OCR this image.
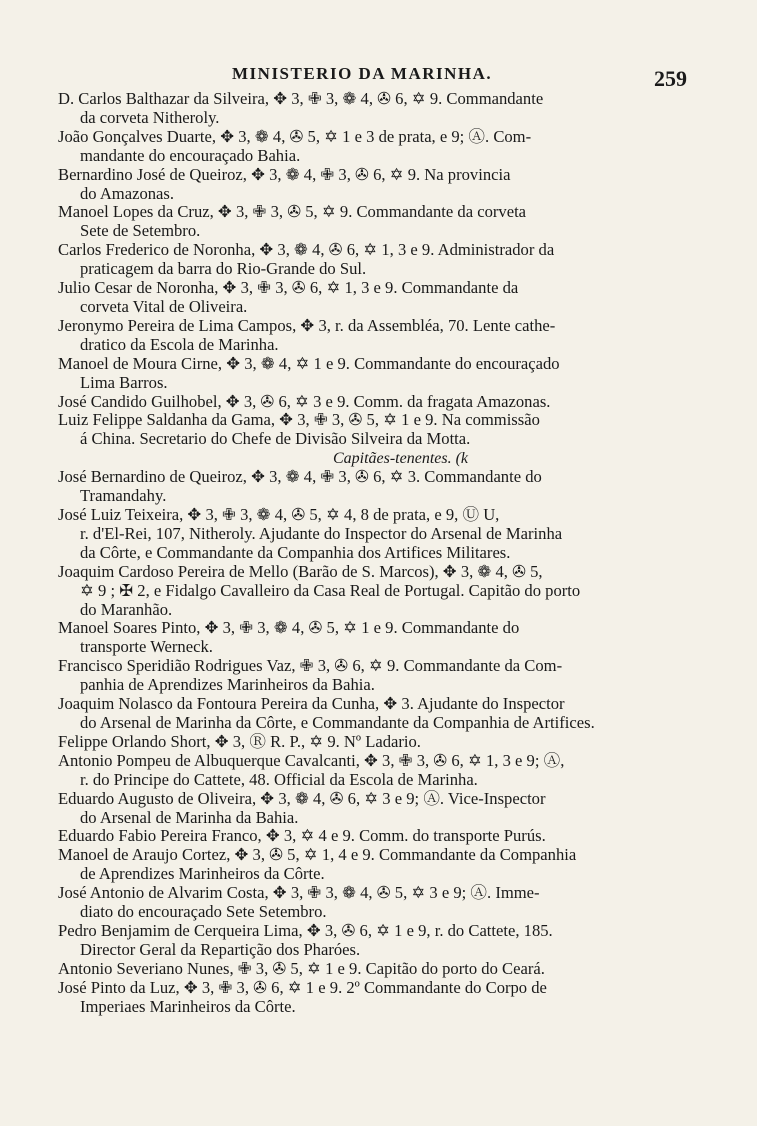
MINISTERIO DA MARINHA.	259

D. Carlos Balthazar da Silveira, ✥ 3, ✙ 3, ❁ 4, ✇ 6, ✡ 9. Commandante
da corveta Nitheroly.

João Gonçalves Duarte, ✥ 3, ❁ 4, ✇ 5, ✡ 1 e 3 de prata, e 9; Ⓐ. Com-
mandante do encouraçado Bahia.

Bernardino José de Queiroz, ✥ 3, ❁ 4, ✙ 3, ✇ 6, ✡ 9. Na provincia
do Amazonas.

Manoel Lopes da Cruz, ✥ 3, ✙ 3, ✇ 5, ✡ 9. Commandante da corveta
Sete de Setembro.

Carlos Frederico de Noronha, ✥ 3, ❁ 4, ✇ 6, ✡ 1, 3 e 9. Administrador da
praticagem da barra do Rio-Grande do Sul.

Julio Cesar de Noronha, ✥ 3, ✙ 3, ✇ 6, ✡ 1, 3 e 9. Commandante da
corveta Vital de Oliveira.

Jeronymo Pereira de Lima Campos, ✥ 3, r. da Assembléa, 70. Lente cathe-
dratico da Escola de Marinha.

Manoel de Moura Cirne, ✥ 3, ❁ 4, ✡ 1 e 9. Commandante do encouraçado
Lima Barros.

José Candido Guilhobel, ✥ 3, ✇ 6, ✡ 3 e 9. Comm. da fragata Amazonas.

Luiz Felippe Saldanha da Gama, ✥ 3, ✙ 3, ✇ 5, ✡ 1 e 9. Na commissão
á China. Secretario do Chefe de Divisão Silveira da Motta.

Capitães-tenentes. (k

José Bernardino de Queiroz, ✥ 3, ❁ 4, ✙ 3, ✇ 6, ✡ 3. Commandante do
Tramandahy.

José Luiz Teixeira, ✥ 3, ✙ 3, ❁ 4, ✇ 5, ✡ 4, 8 de prata, e 9, Ⓤ U,
r. d'El-Rei, 107, Nitheroly. Ajudante do Inspector do Arsenal de Marinha
da Côrte, e Commandante da Companhia dos Artifices Militares.

Joaquim Cardoso Pereira de Mello (Barão de S. Marcos), ✥ 3, ❁ 4, ✇ 5,
✡ 9 ; ✠ 2, e Fidalgo Cavalleiro da Casa Real de Portugal. Capitão do porto
do Maranhão.

Manoel Soares Pinto, ✥ 3, ✙ 3, ❁ 4, ✇ 5, ✡ 1 e 9. Commandante do
transporte Werneck.

Francisco Speridião Rodrigues Vaz, ✙ 3, ✇ 6, ✡ 9. Commandante da Com-
panhia de Aprendizes Marinheiros da Bahia.

Joaquim Nolasco da Fontoura Pereira da Cunha, ✥ 3. Ajudante do Inspector
do Arsenal de Marinha da Côrte, e Commandante da Companhia de Artifices.

Felippe Orlando Short, ✥ 3, Ⓡ R. P., ✡ 9. Nº Ladario.

Antonio Pompeu de Albuquerque Cavalcanti, ✥ 3, ✙ 3, ✇ 6, ✡ 1, 3 e 9; Ⓐ,
r. do Principe do Cattete, 48. Official da Escola de Marinha.

Eduardo Augusto de Oliveira, ✥ 3, ❁ 4, ✇ 6, ✡ 3 e 9; Ⓐ. Vice-Inspector
do Arsenal de Marinha da Bahia.

Eduardo Fabio Pereira Franco, ✥ 3, ✡ 4 e 9. Comm. do transporte Purús.

Manoel de Araujo Cortez, ✥ 3, ✇ 5, ✡ 1, 4 e 9. Commandante da Companhia
de Aprendizes Marinheiros da Côrte.

José Antonio de Alvarim Costa, ✥ 3, ✙ 3, ❁ 4, ✇ 5, ✡ 3 e 9; Ⓐ. Imme-
diato do encouraçado Sete Setembro.

Pedro Benjamim de Cerqueira Lima, ✥ 3, ✇ 6, ✡ 1 e 9, r. do Cattete, 185.
Director Geral da Repartição dos Pharóes.

Antonio Severiano Nunes, ✙ 3, ✇ 5, ✡ 1 e 9. Capitão do porto do Ceará.

José Pinto da Luz, ✥ 3, ✙ 3, ✇ 6, ✡ 1 e 9. 2º Commandante do Corpo de
Imperiaes Marinheiros da Côrte.
